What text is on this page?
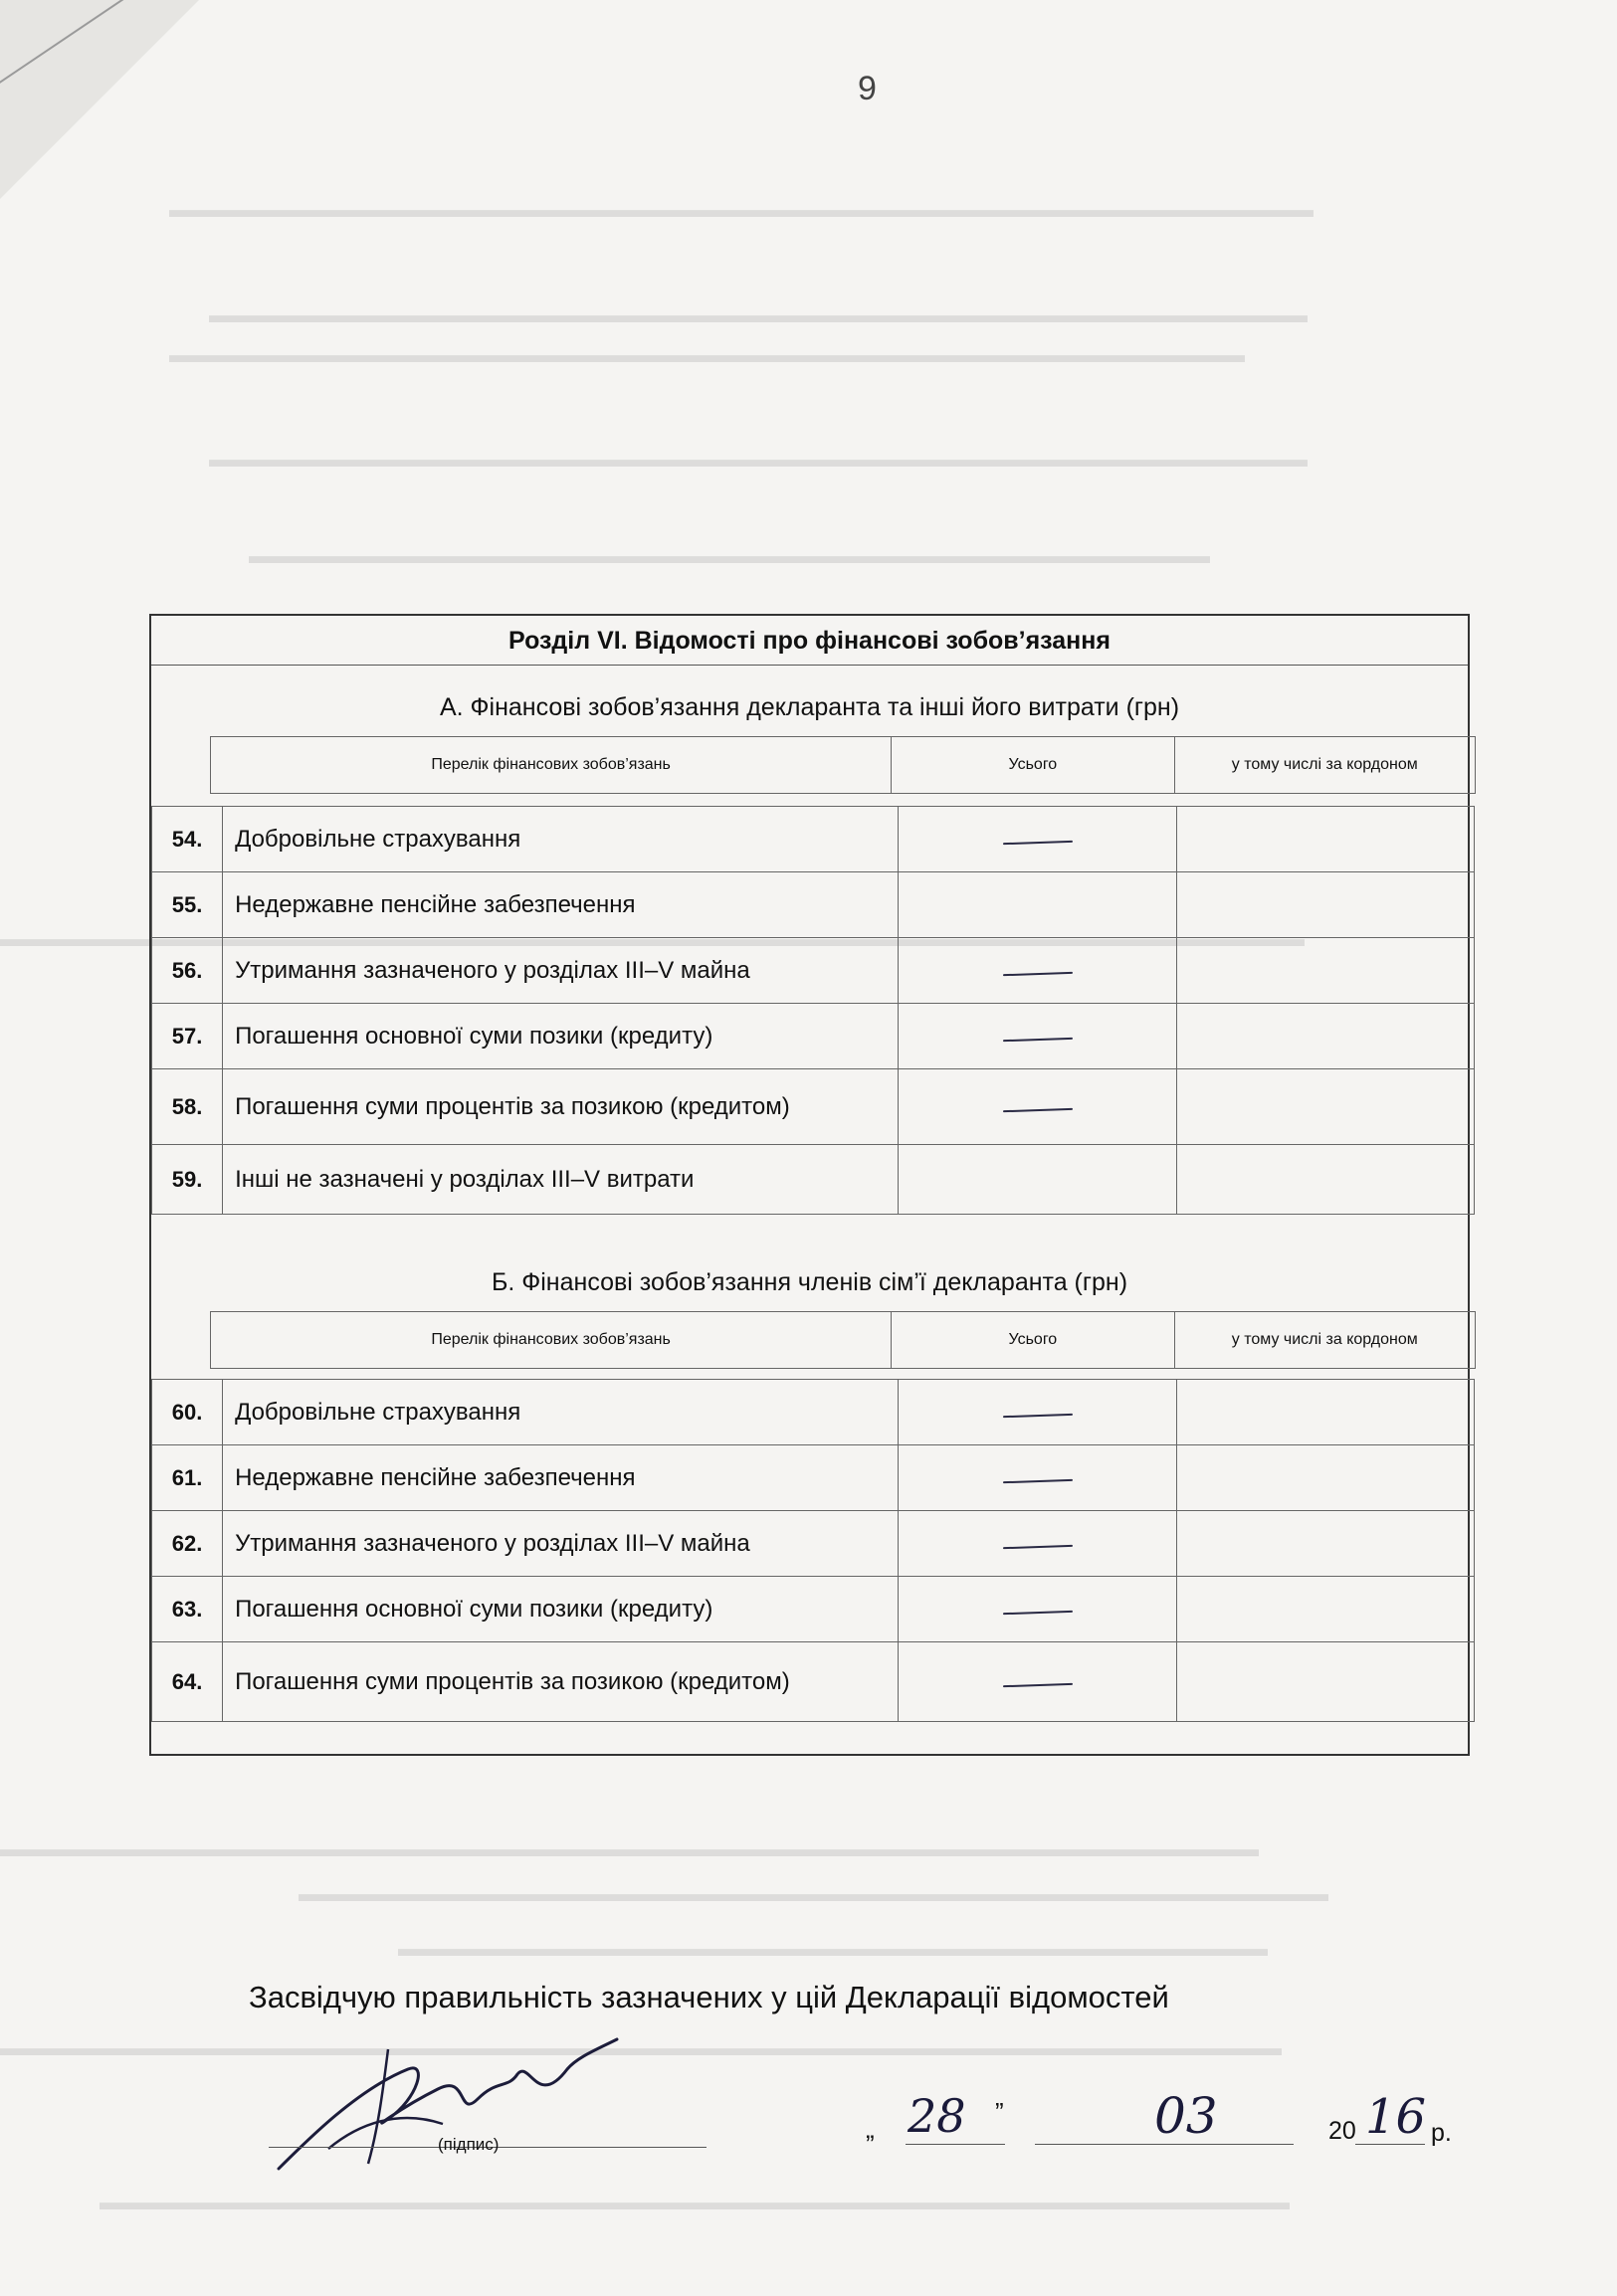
▬▬▬▬▬▬▬▬▬▬▬▬▬▬▬▬▬▬▬▬▬▬▬▬▬▬▬▬▬▬▬▬▬▬▬▬▬▬▬▬▬▬▬▬▬▬▬▬▬▬
▬▬▬▬▬▬▬▬▬▬▬▬▬▬▬▬▬▬▬▬▬▬▬▬▬▬▬▬▬▬▬▬▬▬▬▬▬▬▬▬▬▬▬▬▬▬▬▬
▬▬▬▬▬▬▬▬▬▬▬▬▬▬▬▬▬▬▬▬▬▬▬▬▬▬▬▬▬▬▬▬▬▬▬▬▬▬▬▬▬▬▬▬▬▬▬
▬▬▬▬▬▬▬▬▬▬▬▬▬▬▬▬▬▬▬▬▬▬▬▬▬▬▬▬▬▬▬▬▬▬▬▬▬▬▬▬▬▬▬▬▬▬▬▬
▬▬▬▬▬▬▬▬▬▬▬▬▬▬▬▬▬▬▬▬▬▬▬▬▬▬▬▬▬▬▬▬▬▬▬▬▬▬▬▬▬▬
▬▬▬▬▬▬▬▬▬▬▬▬▬▬▬▬▬▬▬▬▬▬▬▬▬▬▬▬▬▬▬▬▬▬▬▬▬▬▬▬▬▬▬▬▬▬▬▬▬▬▬▬▬▬▬▬▬
▬▬▬▬▬▬▬▬▬▬▬▬▬▬▬▬▬▬▬▬▬▬▬▬▬▬▬▬▬▬▬▬▬▬▬▬▬▬▬▬▬▬▬▬▬▬▬▬▬▬▬▬▬▬▬
▬▬▬▬▬▬▬▬▬▬▬▬▬▬▬▬▬▬▬▬▬▬▬▬▬▬▬▬▬▬▬▬▬▬▬▬▬▬▬▬▬▬▬▬▬
▬▬▬▬▬▬▬▬▬▬▬▬▬▬▬▬▬▬▬▬▬▬▬▬▬▬▬▬▬▬▬▬▬▬▬▬▬▬
▬▬▬▬▬▬▬▬▬▬▬▬▬▬▬▬▬▬▬▬▬▬▬▬▬▬▬▬▬▬▬▬▬▬▬▬▬▬▬▬▬▬▬▬▬▬▬▬▬▬▬▬▬▬▬▬
▬▬▬▬▬▬▬▬▬▬▬▬▬▬▬▬▬▬▬▬▬▬▬▬▬▬▬▬▬▬▬▬▬▬▬▬▬▬▬▬▬▬▬▬▬▬▬▬▬▬▬▬
9
Розділ VI. Відомості про фінансові зобов’язання
А. Фінансові зобов’язання декларанта та інші його витрати (грн)
	Перелік фінансових зобов’язань	Усього	у тому числі за кордоном
54.	Добровільне страхування		
55.	Недержавне пенсійне забезпечення		
56.	Утримання зазначеного у розділах III–V майна		
57.	Погашення основної суми позики (кредиту)		
58.	Погашення суми процентів за позикою (кредитом)		
59.	Інші не зазначені у розділах III–V витрати		
Б. Фінансові зобов’язання членів сім’ї декларанта (грн)
	Перелік фінансових зобов’язань	Усього	у тому числі за кордоном
60.	Добровільне страхування		
61.	Недержавне пенсійне забезпечення		
62.	Утримання зазначеного у розділах III–V майна		
63.	Погашення основної суми позики (кредиту)		
64.	Погашення суми процентів за позикою (кредитом)		
Засвідчую правильність зазначених у цій Декларації відомостей
(підпис)
„ 28 ”	03	20 16 р.
